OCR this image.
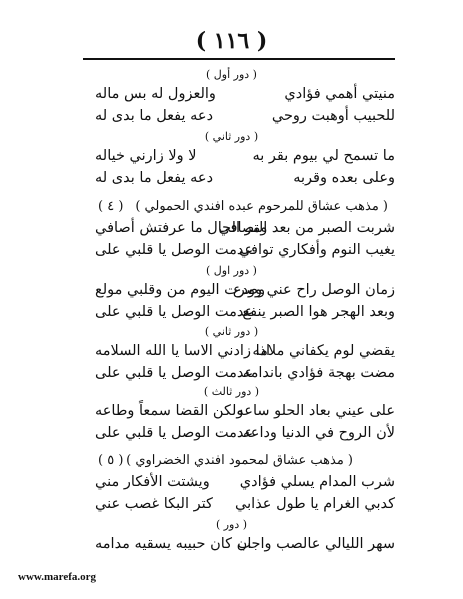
( ١١٦ )
( دور أول )
منيتي أهمي فؤادي
والعزول له بس ماله
للحبيب أوهبت روحي
دعه يفعل ما بدى له
( دور ثاني )
ما تسمح لي بيوم بقر به
لا ولا زارني خياله
وعلى بعده وقربه
دعه يفعل ما بدى له
( مذهب عشاق للمرحوم عبده افندي الحمولي )
( ٤ )
شربت الصبر من بعد التصافي
ومر الحال ما عرفتش أصافي
يغيب النوم وأفكاري توافي
عدمت الوصل يا قلبي على
( دور اول )
زمان الوصل راح عني وودع
وصرت اليوم من وقلبي مولع
وبعد الهجر هوا الصبر ينفع
عدمت الوصل يا قلبي على
( دور ثاني )
يقضي لوم يكفاني ملامه
اذا زادني الاسا يا الله السلامه
مضت بهجة فؤادي باندامه
عدمت الوصل يا قلبي على
( دور ثالث )
على عيني بعاد الحلو ساعه
ولكن القضا سمعاً وطاعه
لأن الروح في الدنيا وداعه
عدمت الوصل يا قلبي على
( مذهب عشاق لمحمود افندي الخضراوي )
( ٥ )
شرب المدام يسلي فؤادي
ويشتت الأفكار مني
كدبي الغرام يا طول عذابي
كتر البكا غصب عني
( دور )
سهر الليالي عالصب واجب
ان كان حبيبه يسقيه مدامه
www.marefa.org
